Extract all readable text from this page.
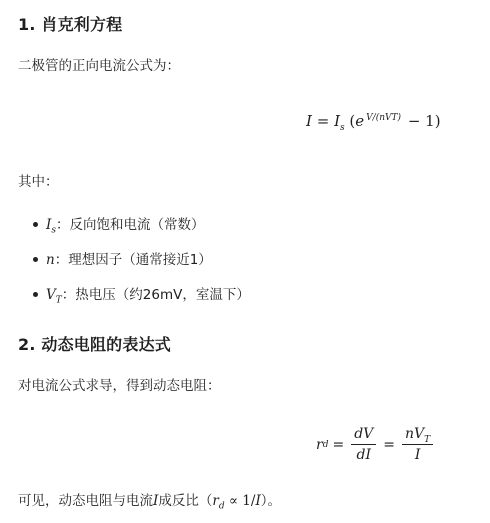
1. 肖克利方程
二极管的正向电流公式为：
$I = I_s$ (e $^{V/(nVT)}$ − 1)
其中：
$I_s$：反向饱和电流（常数）
n：理想因子（通常接近1）
$V_T$：热电压（约26mV，室温下）
2. 动态电阻的表达式
对电流公式求导，得到动态电阻：
r $d = \frac{dV}{dI} = \frac{nV_T}{I}$
可见，动态电阻与电流I成反比$(r_d \propto 1/I)$。
